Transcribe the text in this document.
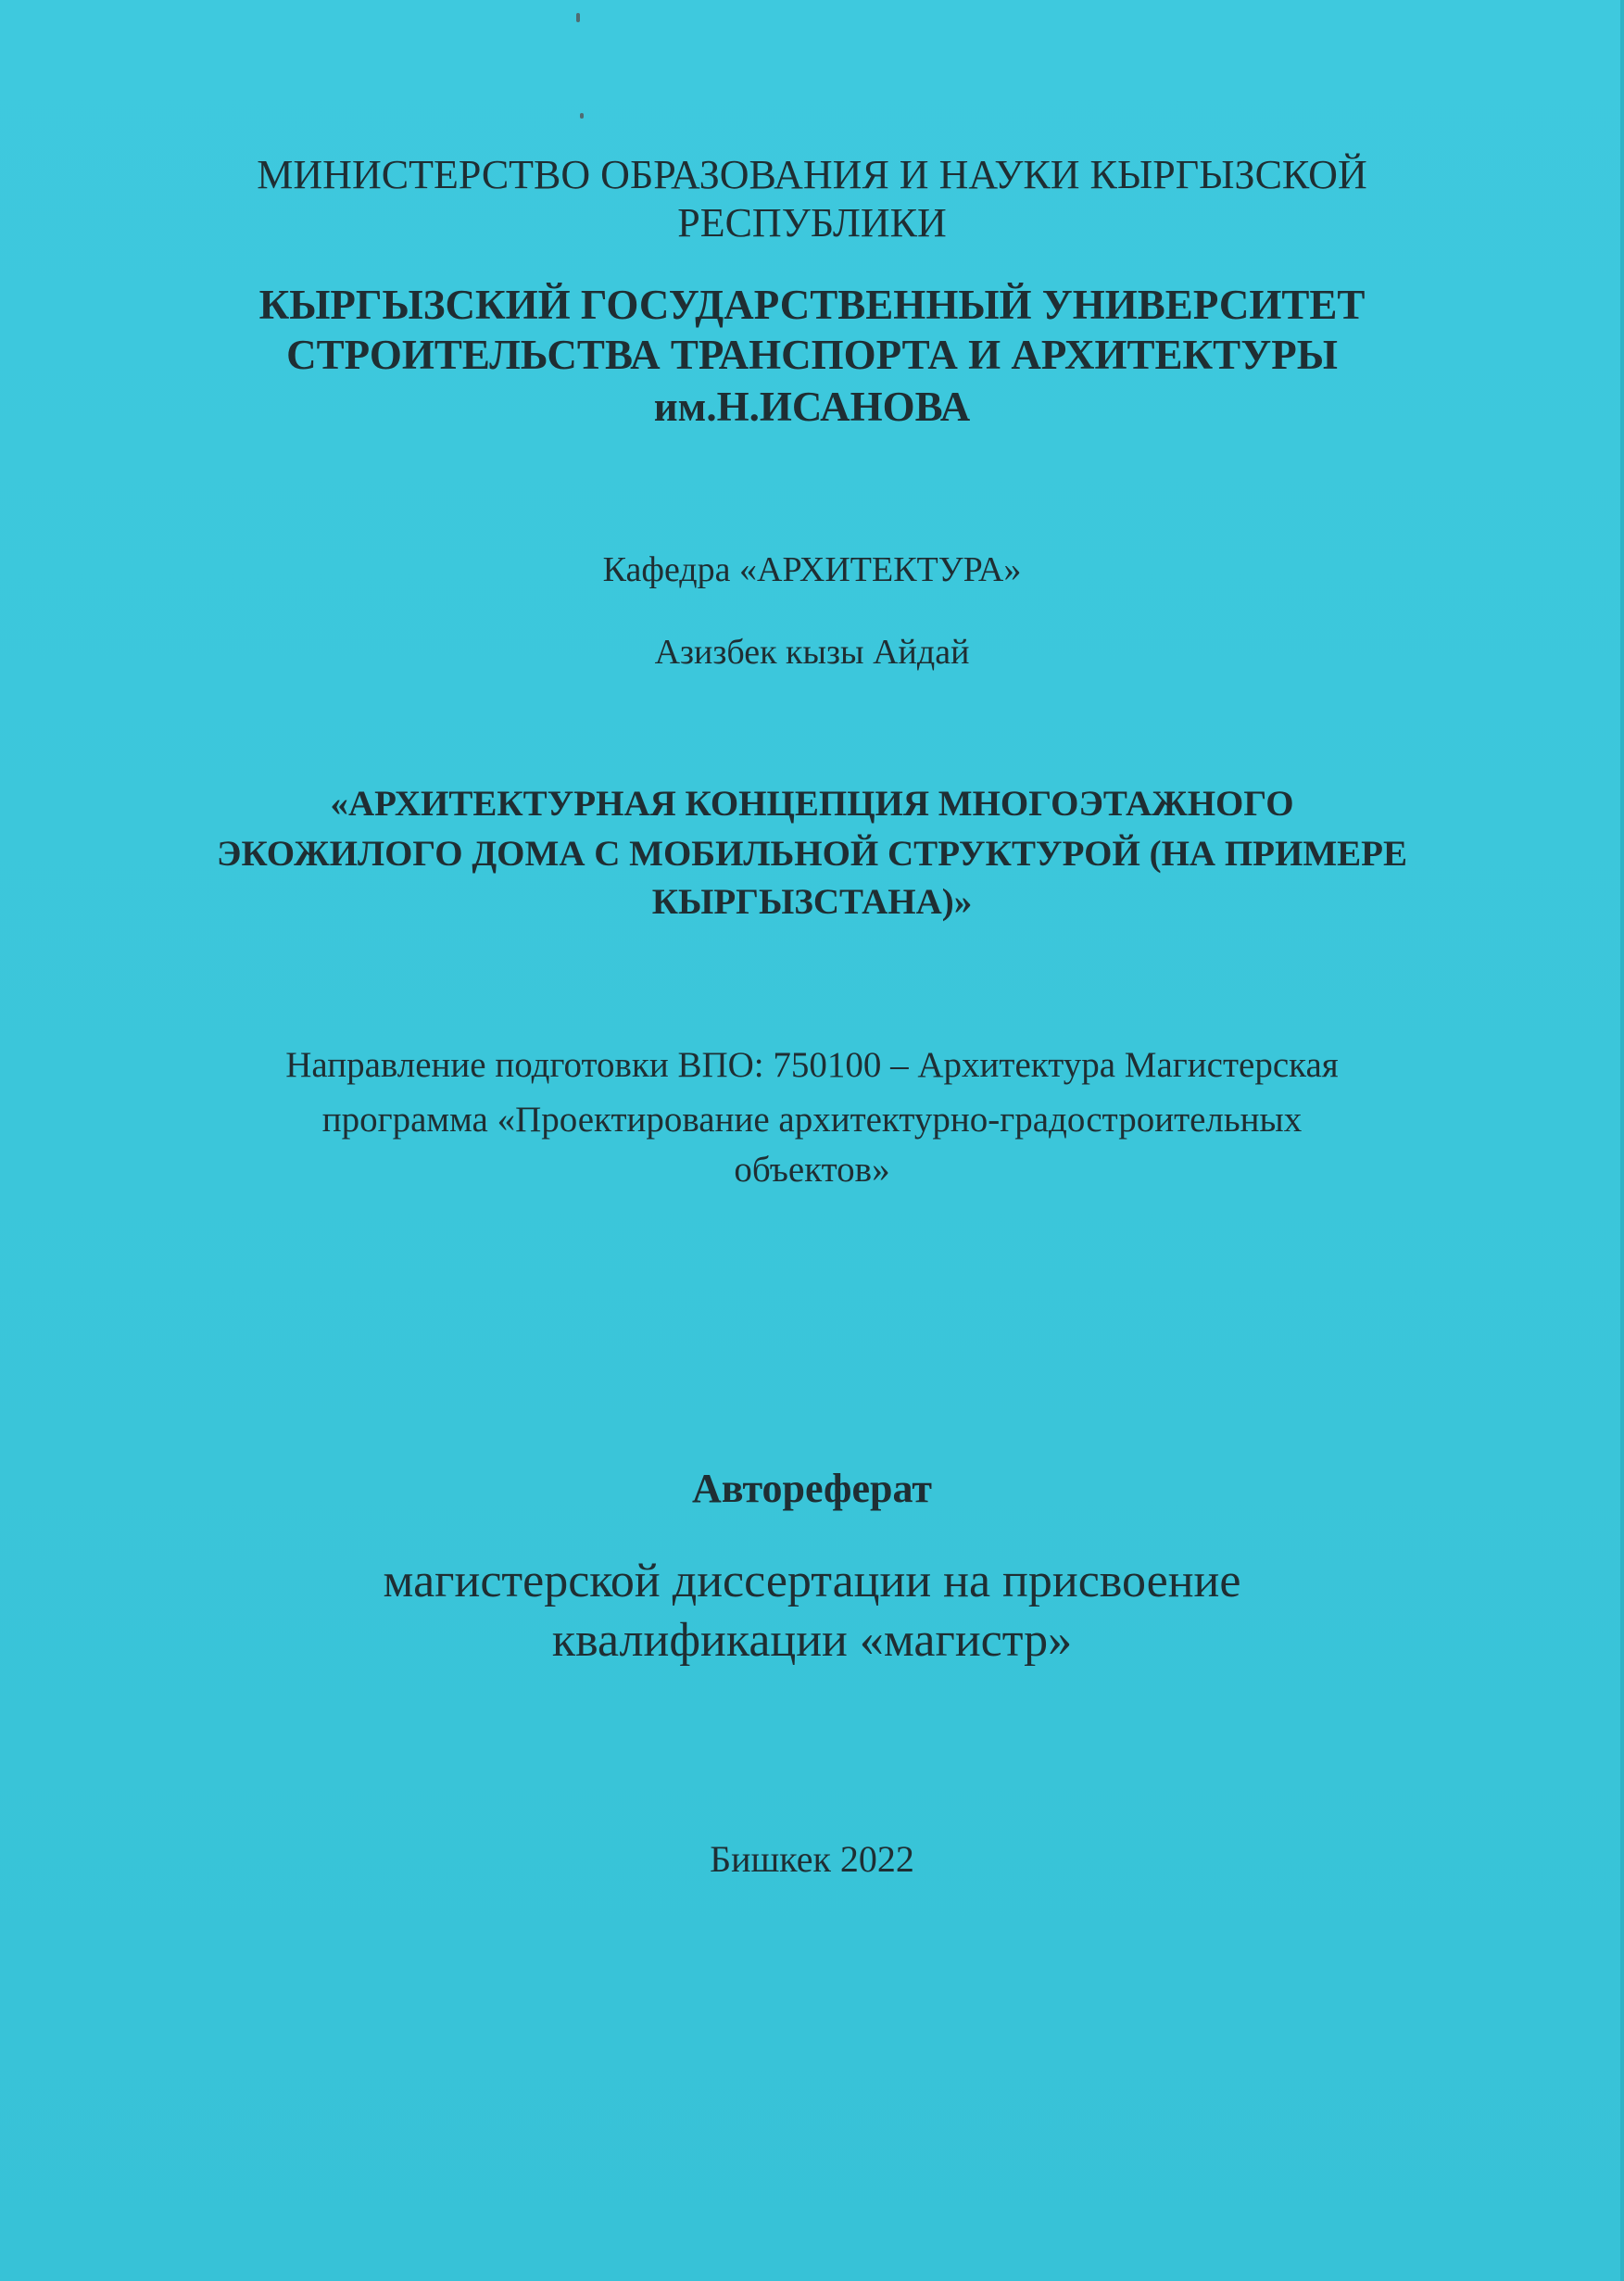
МИНИСТЕРСТВО ОБРАЗОВАНИЯ И НАУКИ КЫРГЫЗСКОЙ

РЕСПУБЛИКИ

КЫРГЫЗСКИЙ ГОСУДАРСТВЕННЫЙ УНИВЕРСИТЕТ

СТРОИТЕЛЬСТВА ТРАНСПОРТА И АРХИТЕКТУРЫ

им.Н.ИСАНОВА

Кафедра «АРХИТЕКТУРА»

Азизбек кызы Айдай

«АРХИТЕКТУРНАЯ КОНЦЕПЦИЯ МНОГОЭТАЖНОГО

ЭКОЖИЛОГО ДОМА С МОБИЛЬНОЙ СТРУКТУРОЙ (НА ПРИМЕРЕ

КЫРГЫЗСТАНА)»

Направление подготовки ВПО: 750100 – Архитектура Магистерская

программа «Проектирование архитектурно-градостроительных

объектов»

Автореферат

магистерской диссертации на присвоение

квалификации «магистр»

Бишкек 2022
